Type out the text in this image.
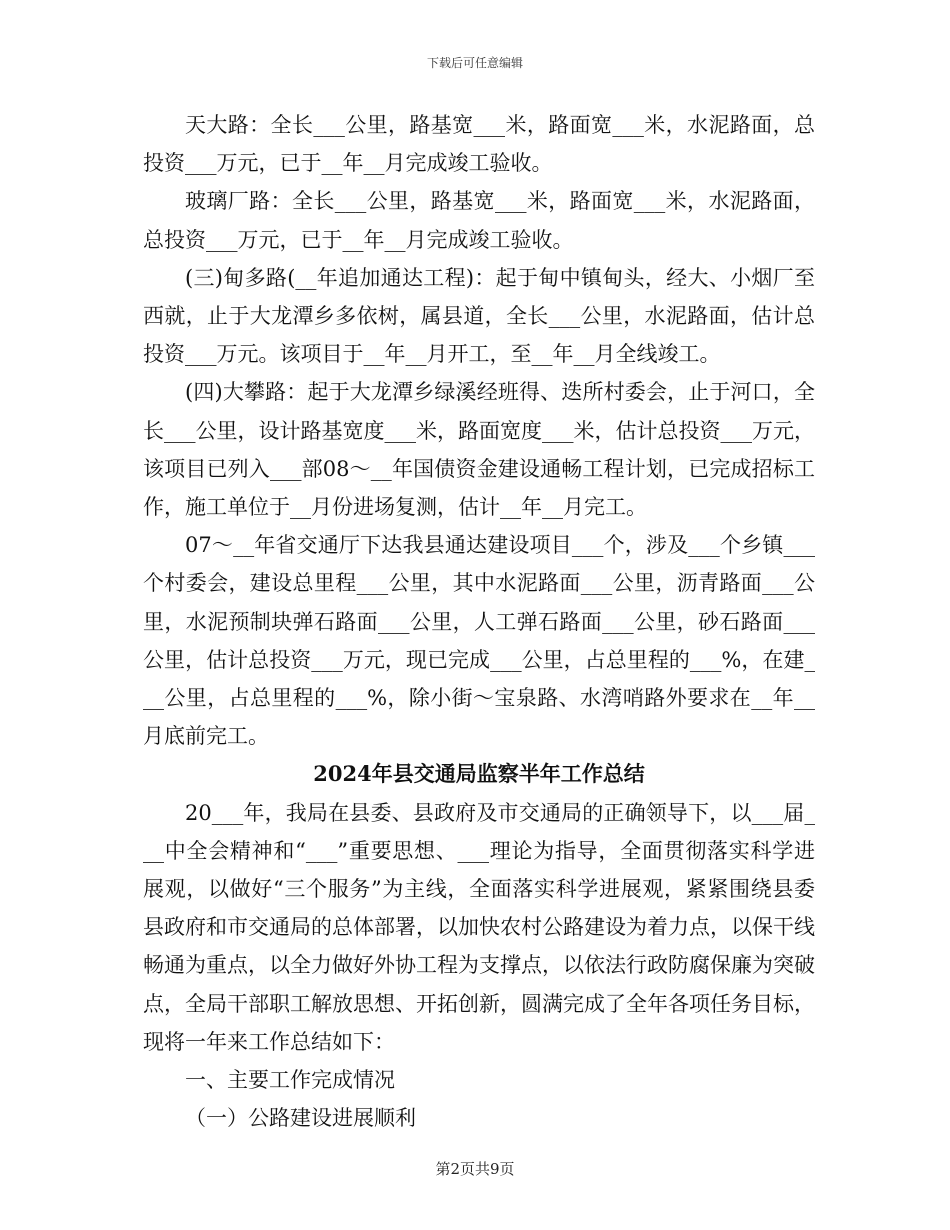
下载后可任意编辑

天大路：全长___公里，路基宽___米，路面宽___米，水泥路面，总投资___万元，已于__年__月完成竣工验收。

玻璃厂路：全长___公里，路基宽___米，路面宽___米，水泥路面，总投资___万元，已于__年__月完成竣工验收。

(三)甸多路(__年追加通达工程)：起于甸中镇甸头，经大、小烟厂至西就，止于大龙潭乡多依树，属县道，全长___公里，水泥路面，估计总投资___万元。该项目于__年__月开工，至__年__月全线竣工。

(四)大攀路：起于大龙潭乡绿溪经班得、迭所村委会，止于河口，全长___公里，设计路基宽度___米，路面宽度___米，估计总投资___万元，该项目已列入___部08～__年国债资金建设通畅工程计划，已完成招标工作，施工单位于__月份进场复测，估计__年__月完工。

07～__年省交通厅下达我县通达建设项目___个，涉及___个乡镇___个村委会，建设总里程___公里，其中水泥路面___公里，沥青路面___公里，水泥预制块弹石路面___公里，人工弹石路面___公里，砂石路面___公里，估计总投资___万元，现已完成___公里，占总里程的___%，在建___公里，占总里程的___%，除小街～宝泉路、水湾哨路外要求在__年__月底前完工。

2024年县交通局监察半年工作总结

20___年，我局在县委、县政府及市交通局的正确领导下，以___届___中全会精神和“___”重要思想、___理论为指导，全面贯彻落实科学进展观，以做好“三个服务”为主线，全面落实科学进展观，紧紧围绕县委县政府和市交通局的总体部署，以加快农村公路建设为着力点，以保干线畅通为重点，以全力做好外协工程为支撑点，以依法行政防腐保廉为突破点，全局干部职工解放思想、开拓创新，圆满完成了全年各项任务目标，现将一年来工作总结如下：

一、主要工作完成情况

（一）公路建设进展顺利

第2页共9页
